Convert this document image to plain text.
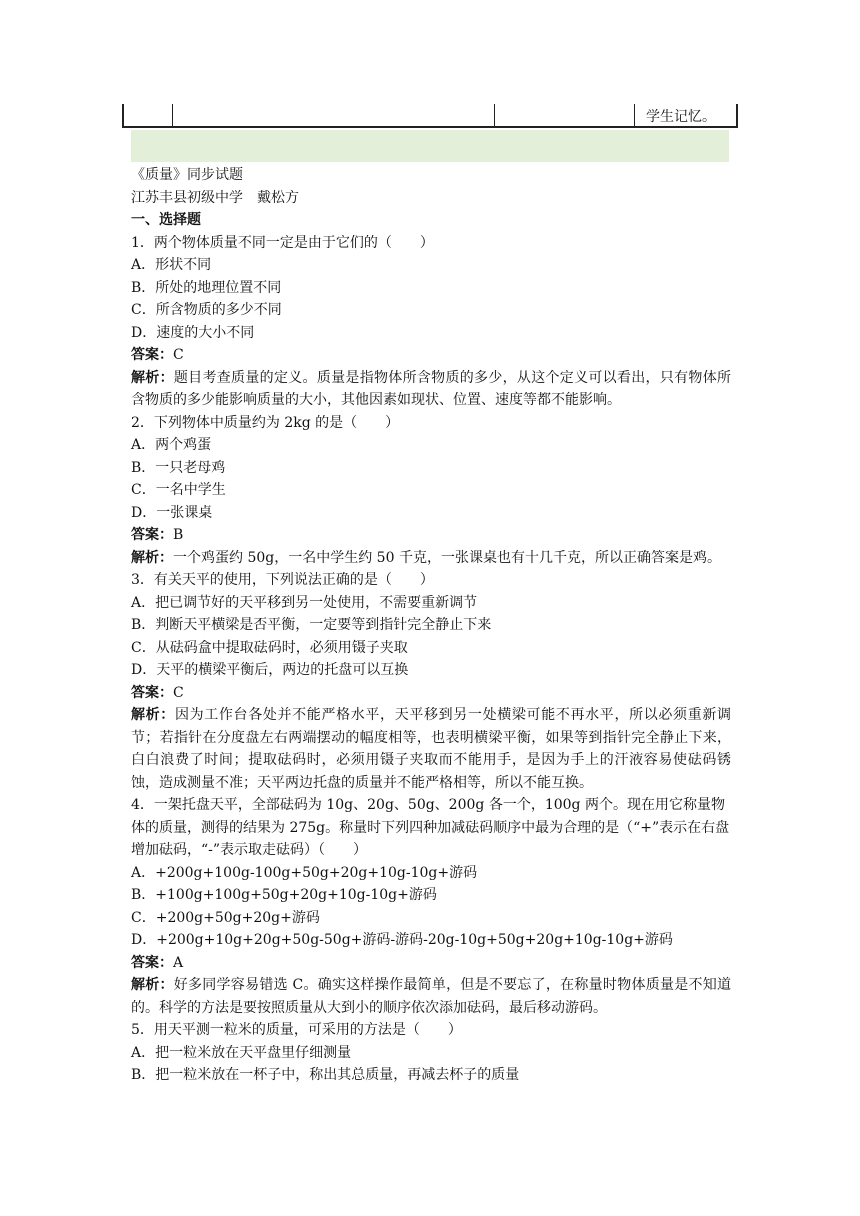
学生记忆。
《质量》同步试题
江苏丰县初级中学　戴松方
一、选择题
1．两个物体质量不同一定是由于它们的（　　）
A．形状不同
B．所处的地理位置不同
C．所含物质的多少不同
D．速度的大小不同
答案：C
解析：题目考查质量的定义。质量是指物体所含物质的多少，从这个定义可以看出，只有物体所含物质的多少能影响质量的大小，其他因素如现状、位置、速度等都不能影响。
2．下列物体中质量约为 2kg 的是（　　）
A．两个鸡蛋
B．一只老母鸡
C．一名中学生
D．一张课桌
答案：B
解析：一个鸡蛋约 50g，一名中学生约 50 千克，一张课桌也有十几千克，所以正确答案是鸡。
3．有关天平的使用，下列说法正确的是（　　）
A．把已调节好的天平移到另一处使用，不需要重新调节
B．判断天平横梁是否平衡，一定要等到指针完全静止下来
C．从砝码盒中提取砝码时，必须用镊子夹取
D．天平的横梁平衡后，两边的托盘可以互换
答案：C
解析：因为工作台各处并不能严格水平，天平移到另一处横梁可能不再水平，所以必须重新调节；若指针在分度盘左右两端摆动的幅度相等，也表明横梁平衡，如果等到指针完全静止下来，白白浪费了时间；提取砝码时，必须用镊子夹取而不能用手，是因为手上的汗液容易使砝码锈蚀，造成测量不准；天平两边托盘的质量并不能严格相等，所以不能互换。
4．一架托盘天平，全部砝码为 10g、20g、50g、200g 各一个，100g 两个。现在用它称量物体的质量，测得的结果为 275g。称量时下列四种加减砝码顺序中最为合理的是（“+”表示在右盘增加砝码，“-”表示取走砝码）（　　）
A．+200g+100g-100g+50g+20g+10g-10g+游码
B．+100g+100g+50g+20g+10g-10g+游码
C．+200g+50g+20g+游码
D．+200g+10g+20g+50g-50g+游码-游码-20g-10g+50g+20g+10g-10g+游码
答案：A
解析：好多同学容易错选 C。确实这样操作最简单，但是不要忘了，在称量时物体质量是不知道的。科学的方法是要按照质量从大到小的顺序依次添加砝码，最后移动游码。
5．用天平测一粒米的质量，可采用的方法是（　　）
A．把一粒米放在天平盘里仔细测量
B．把一粒米放在一杯子中，称出其总质量，再减去杯子的质量
